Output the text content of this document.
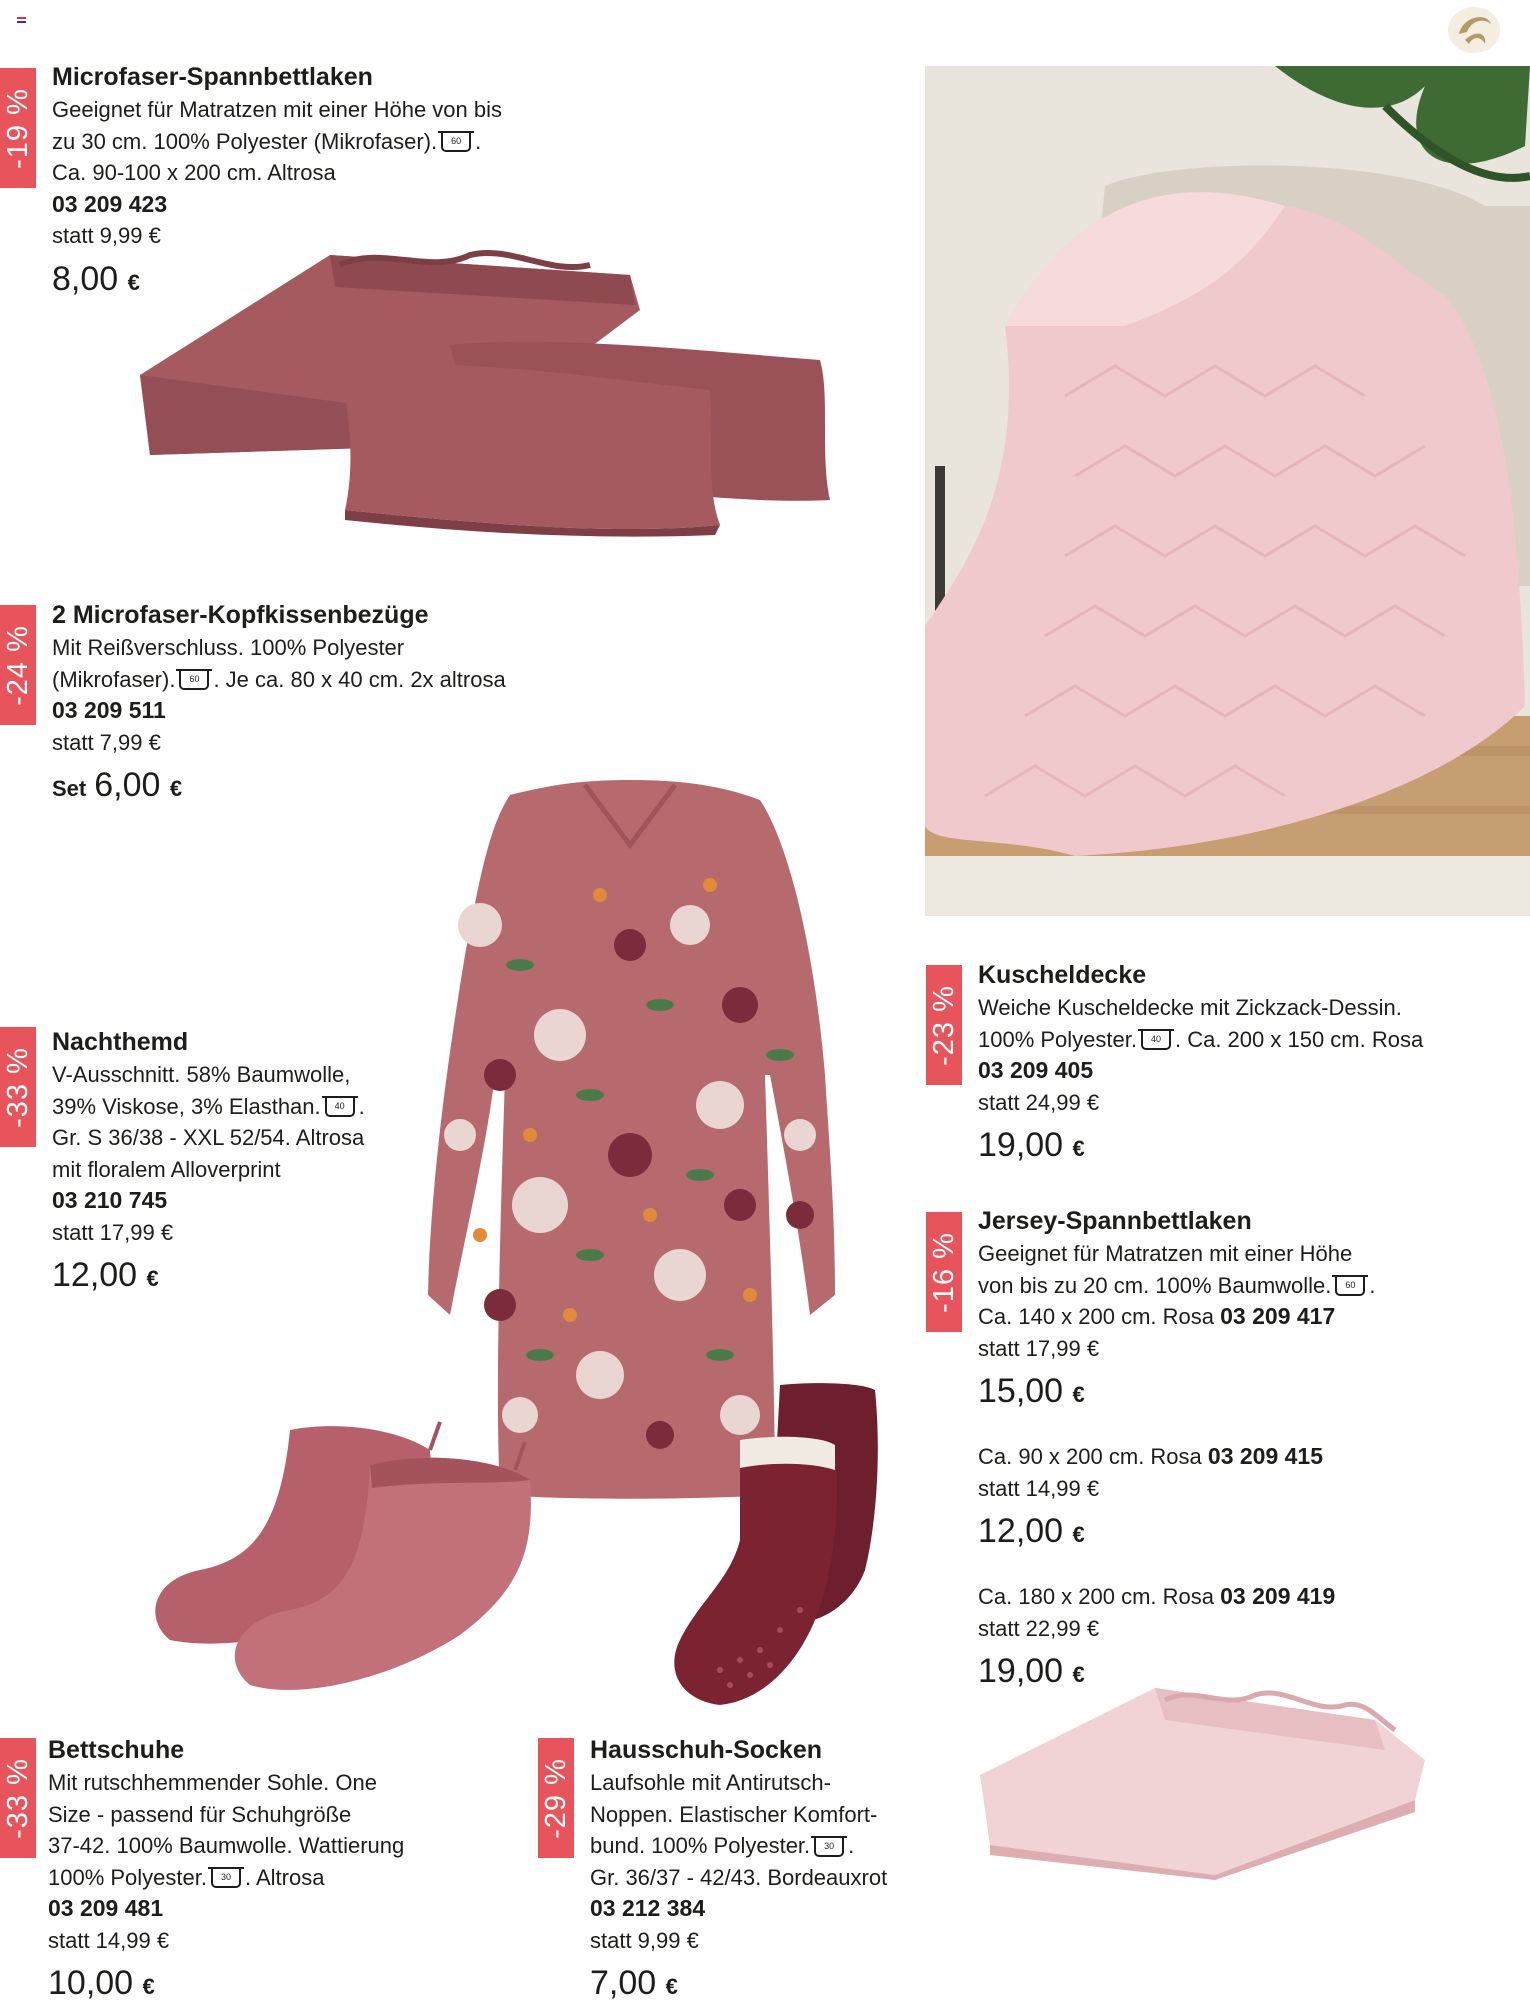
-19 %
Microfaser-Spannbettlaken
Geeignet für Matratzen mit einer Höhe von bis
zu 30 cm. 100% Polyester (Mikrofaser). 60 .
Ca. 90-100 x 200 cm. Altrosa
03 209 423
statt 9,99 €
8,00 €
-24 %
2 Microfaser-Kopfkissenbezüge
Mit Reißverschluss. 100% Polyester
(Mikrofaser). 60 . Je ca. 80 x 40 cm. 2x altrosa
03 209 511
statt 7,99 €
Set 6,00 €
-33 %
Nachthemd
V-Ausschnitt. 58% Baumwolle,
39% Viskose, 3% Elasthan. 40 .
Gr. S 36/38 - XXL 52/54. Altrosa
mit floralem Alloverprint
03 210 745
statt 17,99 €
12,00 €
-23 %
Kuscheldecke
Weiche Kuscheldecke mit Zickzack-Dessin.
100% Polyester. 40 . Ca. 200 x 150 cm. Rosa
03 209 405
statt 24,99 €
19,00 €
-16 %
Jersey-Spannbettlaken
Geeignet für Matratzen mit einer Höhe
von bis zu 20 cm. 100% Baumwolle. 60 .
Ca. 140 x 200 cm. Rosa 03 209 417
statt 17,99 €
15,00 €
Ca. 90 x 200 cm. Rosa 03 209 415
statt 14,99 €
12,00 €
Ca. 180 x 200 cm. Rosa 03 209 419
statt 22,99 €
19,00 €
-33 %
Bettschuhe
Mit rutschhemmender Sohle. One
Size - passend für Schuhgröße
37-42. 100% Baumwolle. Wattierung
100% Polyester. 30 . Altrosa
03 209 481
statt 14,99 €
10,00 €
-29 %
Hausschuh-Socken
Laufsohle mit Antirutsch-
Noppen. Elastischer Komfort-
bund. 100% Polyester. 30 .
Gr. 36/37 - 42/43. Bordeauxrot
03 212 384
statt 9,99 €
7,00 €
